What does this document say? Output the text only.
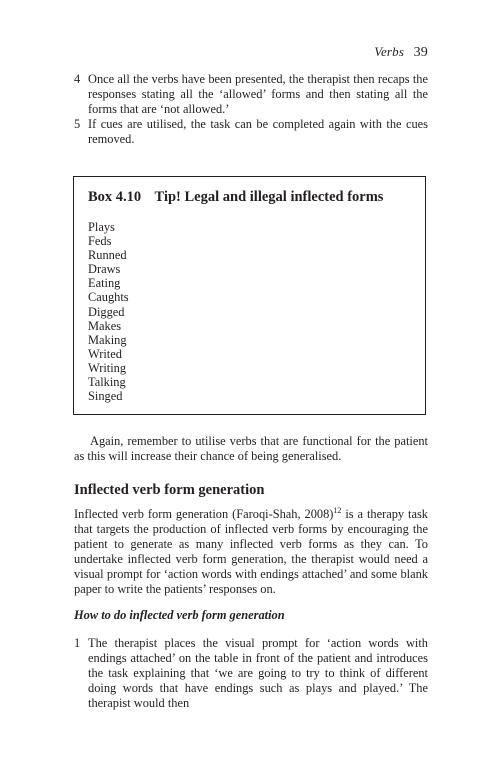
Verbs 39
4 Once all the verbs have been presented, the therapist then recaps the responses stating all the ‘allowed’ forms and then stating all the forms that are ‘not allowed.’
5 If cues are utilised, the task can be completed again with the cues removed.
Box 4.10 Tip! Legal and illegal inflected forms
Plays
Feds
Runned
Draws
Eating
Caughts
Digged
Makes
Making
Writed
Writing
Talking
Singed

Again, remember to utilise verbs that are functional for the patient as this will increase their chance of being generalised.

Inflected verb form generation

Inflected verb form generation (Faroqi-Shah, 2008)$^{12}$ is a therapy task that targets the production of inflected verb forms by encouraging the patient to generate as many inflected verb forms as they can. To undertake inflected verb form generation, the therapist would need a visual prompt for ‘action words with endings attached’ and some blank paper to write the patients’ responses on.

How to do inflected verb form generation
1 The therapist places the visual prompt for ‘action words with endings attached’ on the table in front of the patient and introduces the task explaining that ‘we are going to try to think of different doing words that have endings such as plays and played.’ The therapist would then
